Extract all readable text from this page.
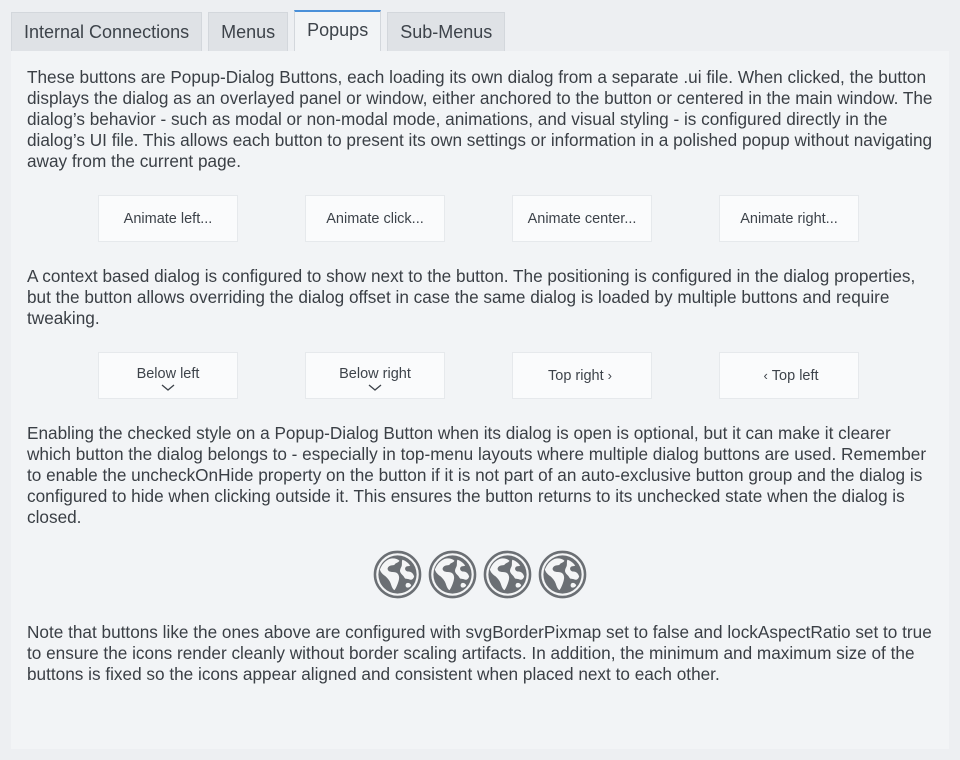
Internal Connections Menus Popups Sub-Menus

These buttons are Popup-Dialog Buttons, each loading its own dialog from a separate .ui file. When clicked, the button displays the dialog as an overlayed panel or window, either anchored to the button or centered in the main window. The dialog’s behavior - such as modal or non-modal mode, animations, and visual styling - is configured directly in the dialog’s UI file. This allows each button to present its own settings or information in a polished popup without navigating away from the current page.

Animate left...	Animate click...	Animate center...	Animate right...

A context based dialog is configured to show next to the button. The positioning is configured in the dialog properties, but the button allows overriding the dialog offset in case the same dialog is loaded by multiple buttons and require tweaking.

Below left	Below right	Top right ›	‹ Top left

Enabling the checked style on a Popup-Dialog Button when its dialog is open is optional, but it can make it clearer which button the dialog belongs to - especially in top-menu layouts where multiple dialog buttons are used. Remember to enable the uncheckOnHide property on the button if it is not part of an auto-exclusive button group and the dialog is configured to hide when clicking outside it. This ensures the button returns to its unchecked state when the dialog is closed.

Note that buttons like the ones above are configured with svgBorderPixmap set to false and lockAspectRatio set to true to ensure the icons render cleanly without border scaling artifacts. In addition, the minimum and maximum size of the buttons is fixed so the icons appear aligned and consistent when placed next to each other.
